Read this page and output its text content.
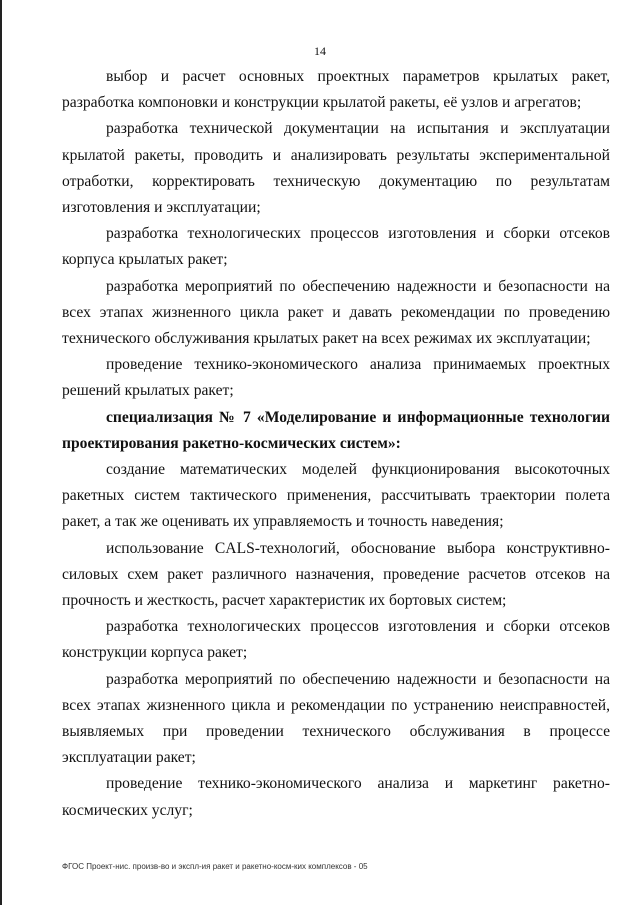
14

выбор и расчет основных проектных параметров крылатых ракет, разработка компоновки и конструкции крылатой ракеты, её узлов и агрегатов;

разработка технической документации на испытания и эксплуатации крылатой ракеты, проводить и анализировать результаты экспериментальной отработки, корректировать техническую документацию по результатам изготовления и эксплуатации;

разработка технологических процессов изготовления и сборки отсеков корпуса крылатых ракет;

разработка мероприятий по обеспечению надежности и безопасности на всех этапах жизненного цикла ракет и давать рекомендации по проведению технического обслуживания крылатых ракет на всех режимах их эксплуатации;

проведение технико-экономического анализа принимаемых проектных решений крылатых ракет;

специализация № 7 «Моделирование и информационные технологии проектирования ракетно-космических систем»:

создание математических моделей функционирования высокоточных ракетных систем тактического применения, рассчитывать траектории полета ракет, а так же оценивать их управляемость и точность наведения;

использование CALS-технологий, обоснование выбора конструктивно-силовых схем ракет различного назначения, проведение расчетов отсеков на прочность и жесткость, расчет характеристик их бортовых систем;

разработка технологических процессов изготовления и сборки отсеков конструкции корпуса ракет;

разработка мероприятий по обеспечению надежности и безопасности на всех этапах жизненного цикла и рекомендации по устранению неисправностей, выявляемых при проведении технического обслуживания в процессе эксплуатации ракет;

проведение технико-экономического анализа и маркетинг ракетно-космических услуг;

ФГОС Проект-нис. произв-во и экспл-ия ракет и ракетно-косм-ких комплексов - 05
